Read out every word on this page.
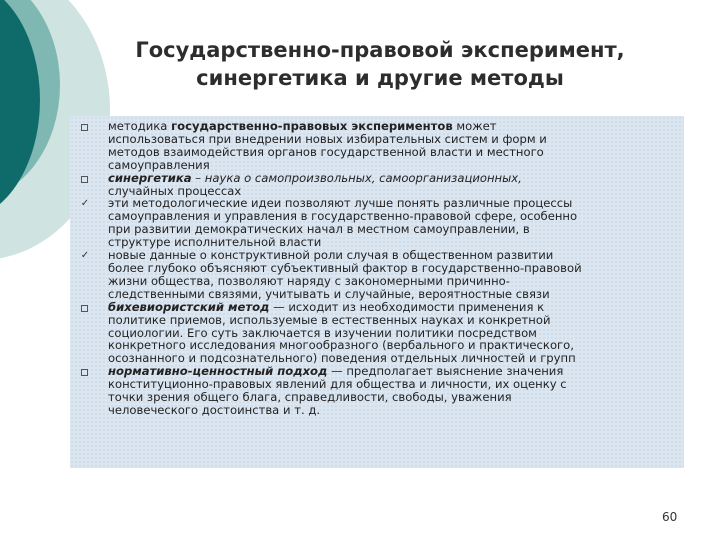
Государственно-правовой эксперимент,
синергетика и другие методы
методика государственно-правовых экспериментов может
использоваться при внедрении новых избирательных систем и форм и
методов взаимодействия органов государственной власти и местного
самоуправления
синергетика – наука о самопроизвольных, самоорганизационных,
случайных процессах
✓ эти методологические идеи позволяют лучше понять различные процессы
самоуправления и управления в государственно-правовой сфере, особенно
при развитии демократических начал в местном самоуправлении, в
структуре исполнительной власти
✓ новые данные о конструктивной роли случая в общественном развитии
более глубоко объясняют субъективный фактор в государственно-правовой
жизни общества, позволяют наряду с закономерными причинно-
следственными связями, учитывать и случайные, вероятностные связи
бихевиористский метод — исходит из необходимости применения к
политике приемов, используемые в естественных науках и конкретной
социологии. Его суть заключается в изучении политики посредством
конкретного исследования многообразного (вербального и практического,
осознанного и подсознательного) поведения отдельных личностей и групп
нормативно-ценностный подход — предполагает выяснение значения
конституционно-правовых явлений для общества и личности, их оценку с
точки зрения общего блага, справедливости, свободы, уважения
человеческого достоинства и т. д.
60
